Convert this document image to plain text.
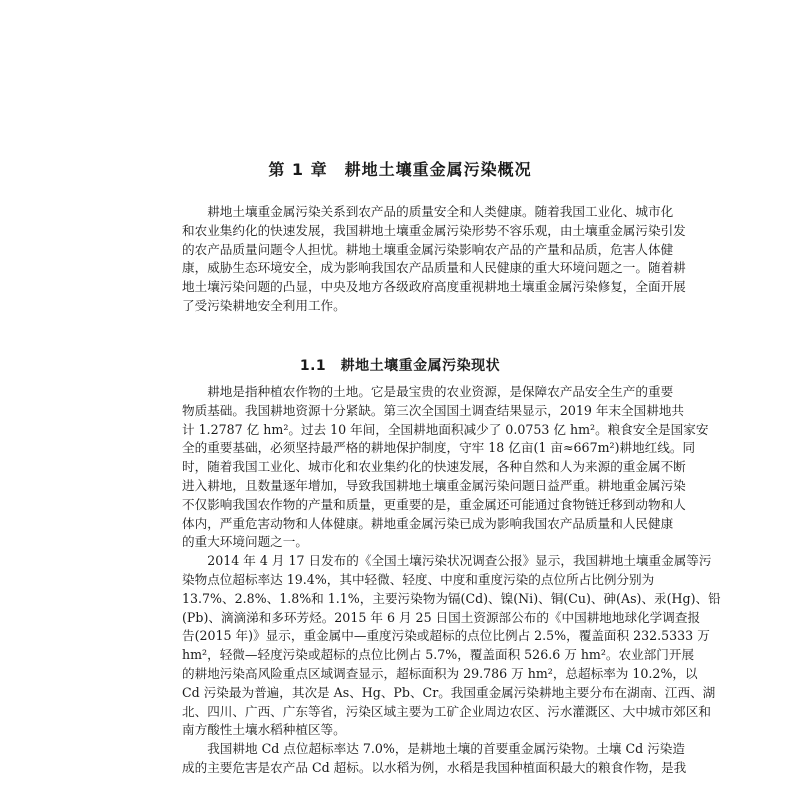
第 1 章　耕地土壤重金属污染概况
　　耕地土壤重金属污染关系到农产品的质量安全和人类健康。随着我国工业化、城市化
和农业集约化的快速发展，我国耕地土壤重金属污染形势不容乐观，由土壤重金属污染引发
的农产品质量问题令人担忧。耕地土壤重金属污染影响农产品的产量和品质，危害人体健
康，威胁生态环境安全，成为影响我国农产品质量和人民健康的重大环境问题之一。随着耕
地土壤污染问题的凸显，中央及地方各级政府高度重视耕地土壤重金属污染修复，全面开展
了受污染耕地安全利用工作。
1.1　耕地土壤重金属污染现状
　　耕地是指种植农作物的土地。它是最宝贵的农业资源，是保障农产品安全生产的重要
物质基础。我国耕地资源十分紧缺。第三次全国国土调查结果显示，2019 年末全国耕地共
计 1.2787 亿 hm²。过去 10 年间，全国耕地面积减少了 0.0753 亿 hm²。粮食安全是国家安
全的重要基础，必须坚持最严格的耕地保护制度，守牢 18 亿亩(1 亩≈667m²)耕地红线。同
时，随着我国工业化、城市化和农业集约化的快速发展，各种自然和人为来源的重金属不断
进入耕地，且数量逐年增加，导致我国耕地土壤重金属污染问题日益严重。耕地重金属污染
不仅影响我国农作物的产量和质量，更重要的是，重金属还可能通过食物链迁移到动物和人
体内，严重危害动物和人体健康。耕地重金属污染已成为影响我国农产品质量和人民健康
的重大环境问题之一。
　　2014 年 4 月 17 日发布的《全国土壤污染状况调查公报》显示，我国耕地土壤重金属等污
染物点位超标率达 19.4%，其中轻微、轻度、中度和重度污染的点位所占比例分别为
13.7%、2.8%、1.8%和 1.1%，主要污染物为镉(Cd)、镍(Ni)、铜(Cu)、砷(As)、汞(Hg)、铅
(Pb)、滴滴涕和多环芳烃。2015 年 6 月 25 日国土资源部公布的《中国耕地地球化学调查报
告(2015 年)》显示，重金属中—重度污染或超标的点位比例占 2.5%，覆盖面积 232.5333 万
hm²，轻微—轻度污染或超标的点位比例占 5.7%，覆盖面积 526.6 万 hm²。农业部门开展
的耕地污染高风险重点区域调查显示，超标面积为 29.786 万 hm²，总超标率为 10.2%，以
Cd 污染最为普遍，其次是 As、Hg、Pb、Cr。我国重金属污染耕地主要分布在湖南、江西、湖
北、四川、广西、广东等省，污染区域主要为工矿企业周边农区、污水灌溉区、大中城市郊区和
南方酸性土壤水稻种植区等。
　　我国耕地 Cd 点位超标率达 7.0%，是耕地土壤的首要重金属污染物。土壤 Cd 污染造
成的主要危害是农产品 Cd 超标。以水稻为例，水稻是我国种植面积最大的粮食作物，是我
